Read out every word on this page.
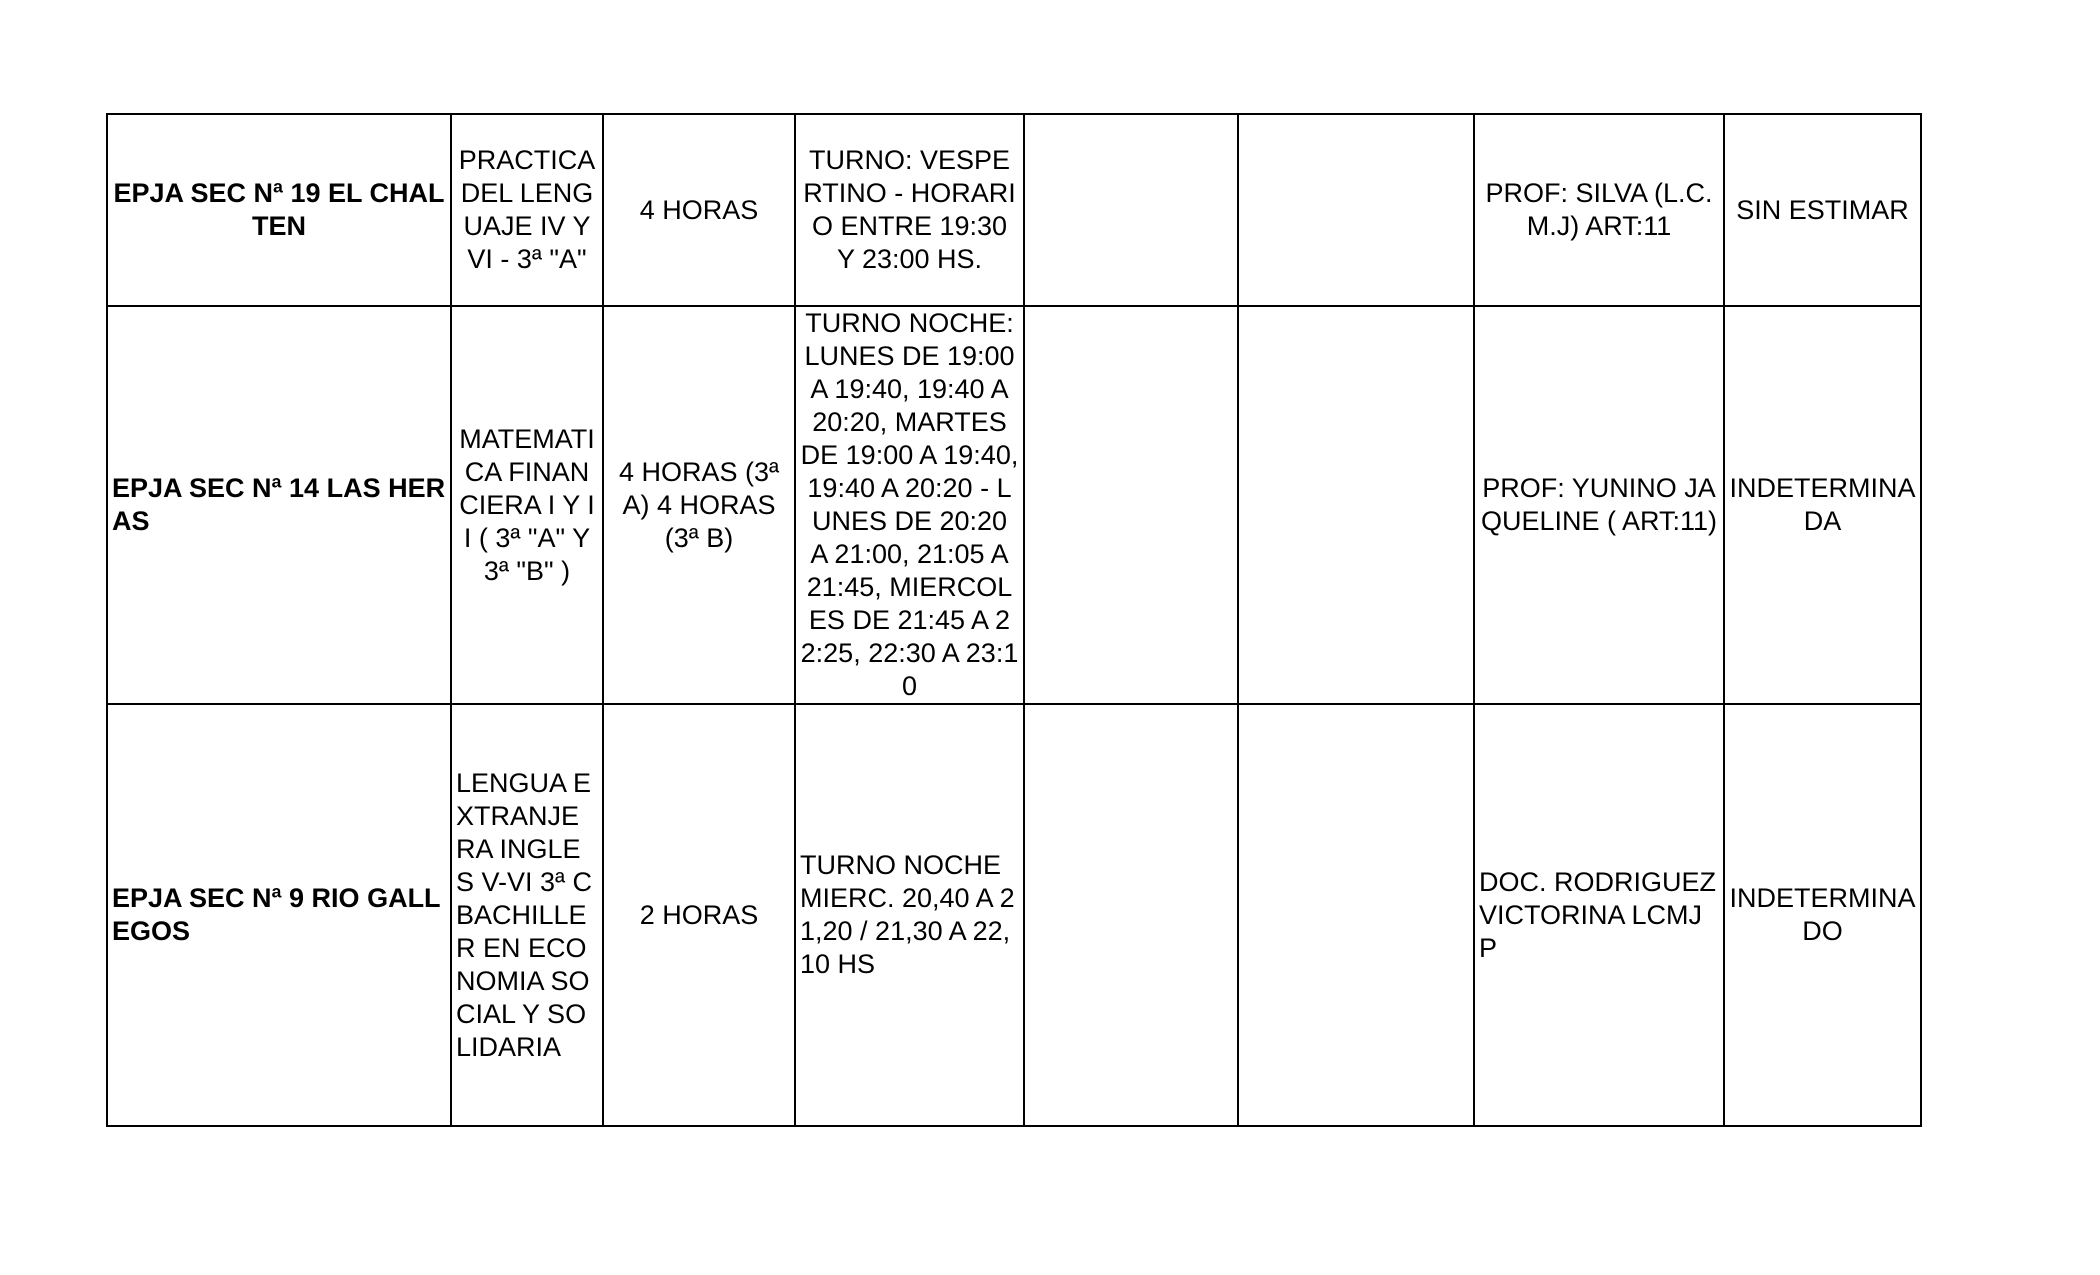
EPJA SEC Nª 19 EL CHALTEN	PRACTICA DEL LENGUAJE IV Y VI - 3ª "A"	4 HORAS	TURNO: VESPERTINO - HORARIO ENTRE 19:30 Y 23:00 HS.			PROF: SILVA (L.C.M.J) ART:11	SIN ESTIMAR
EPJA SEC Nª 14 LAS HERAS	MATEMATICA FINANCIERA I Y II ( 3ª "A" Y 3ª "B" )	4 HORAS (3ª A) 4 HORAS (3ª B)	TURNO NOCHE:LUNES DE 19:00 A 19:40, 19:40 A 20:20, MARTES DE 19:00 A 19:40, 19:40 A 20:20 - LUNES DE 20:20 A 21:00, 21:05 A 21:45, MIERCOLES DE 21:45 A 22:25, 22:30 A 23:10			PROF: YUNINO JAQUELINE ( ART:11)	INDETERMINADA
EPJA SEC Nª 9 RIO GALLEGOS	LENGUA EXTRANJERA INGLES V-VI 3ª C BACHILLER EN ECONOMIA SOCIAL Y SOLIDARIA	2 HORAS	TURNO NOCHE MIERC. 20,40 A 21,20 / 21,30 A 22,10 HS			DOC. RODRIGUEZ VICTORINA LCMJP	INDETERMINADO
